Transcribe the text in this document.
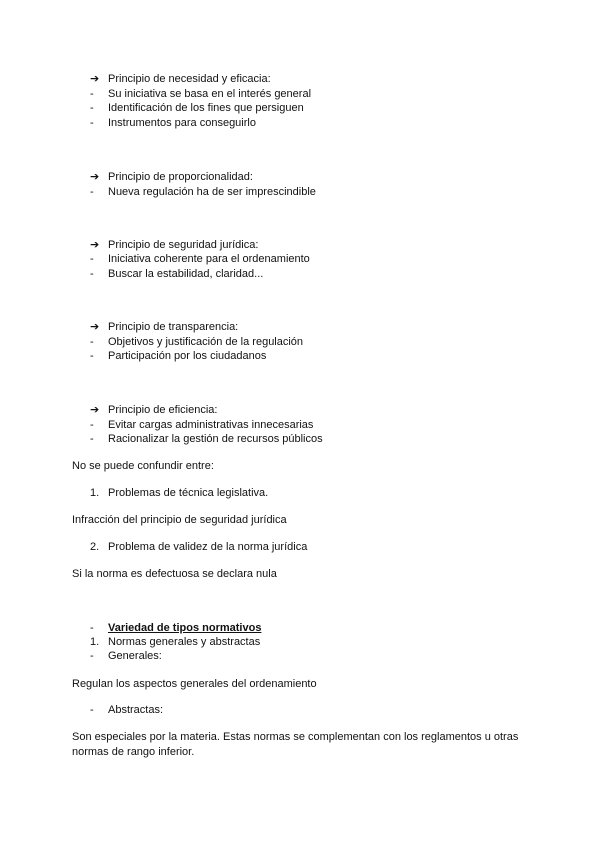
➔ Principio de necesidad y eficacia:
- Su iniciativa se basa en el interés general
- Identificación de los fines que persiguen
- Instrumentos para conseguirlo
➔ Principio de proporcionalidad:
- Nueva regulación ha de ser imprescindible
➔ Principio de seguridad jurídica:
- Iniciativa coherente para el ordenamiento
- Buscar la estabilidad, claridad...
➔ Principio de transparencia:
- Objetivos y justificación de la regulación
- Participación por los ciudadanos
➔ Principio de eficiencia:
- Evitar cargas administrativas innecesarias
- Racionalizar la gestión de recursos públicos
No se puede confundir entre:
1. Problemas de técnica legislativa.
Infracción del principio de seguridad jurídica
2. Problema de validez de la norma jurídica
Si la norma es defectuosa se declara nula
- Variedad de tipos normativos
1. Normas generales y abstractas
- Generales:
Regulan los aspectos generales del ordenamiento
- Abstractas:
Son especiales por la materia. Estas normas se complementan con los reglamentos u otras normas de rango inferior.
